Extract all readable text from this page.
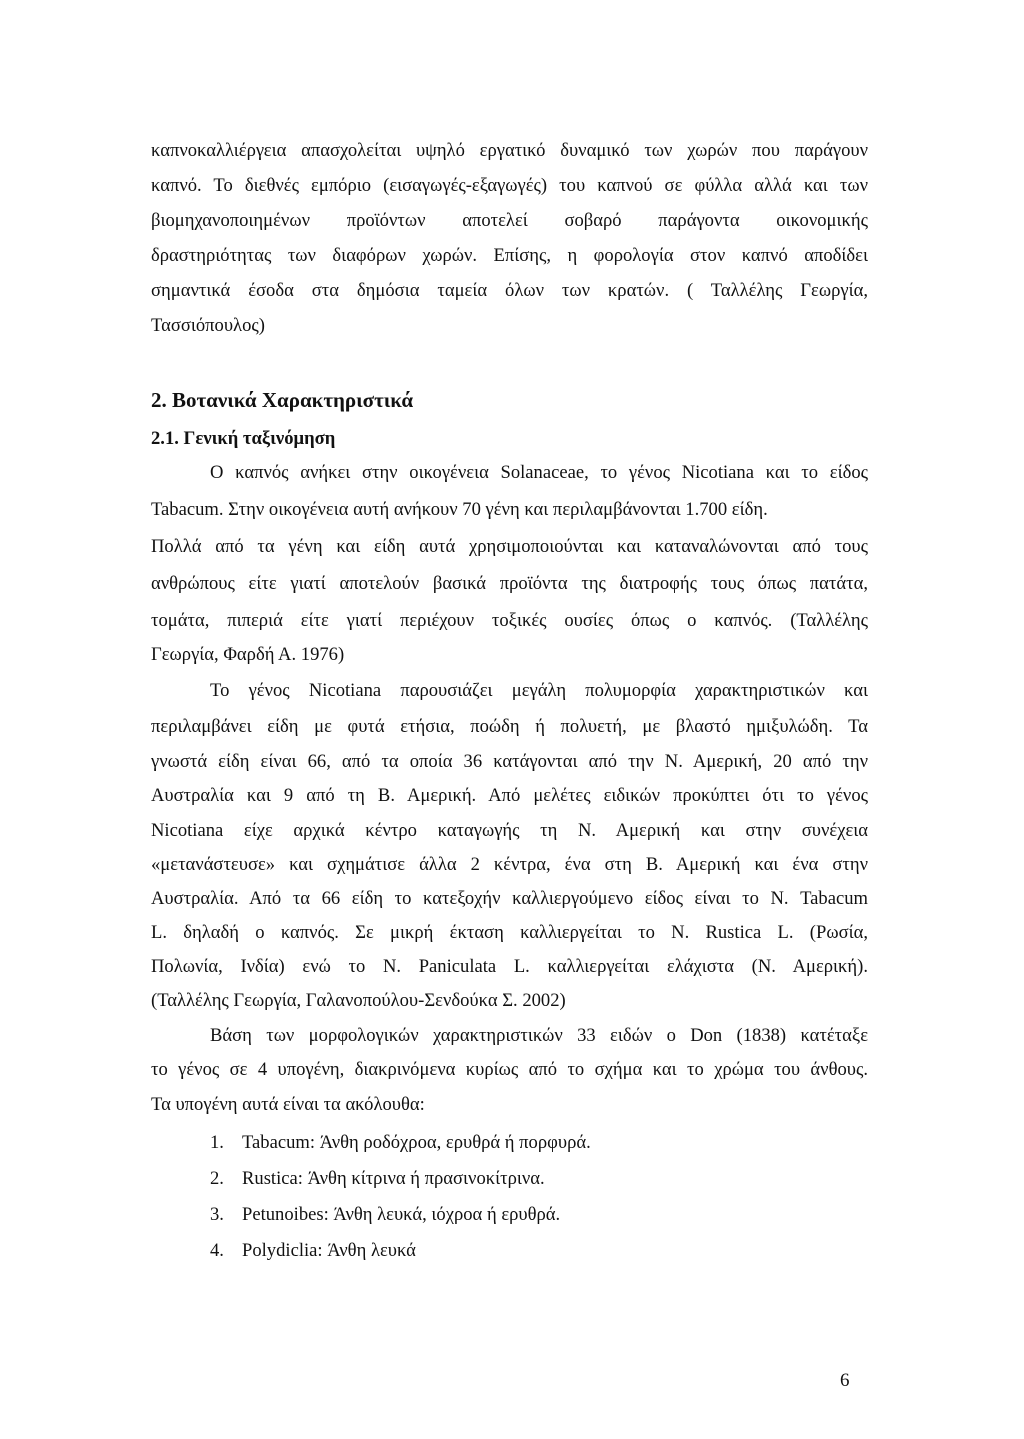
καπνοκαλλιέργεια απασχολείται υψηλό εργατικό δυναμικό των χωρών που παράγουν
καπνό. Το διεθνές εμπόριο (εισαγωγές-εξαγωγές) του καπνού σε φύλλα αλλά και των
βιομηχανοποιημένων προϊόντων αποτελεί σοβαρό παράγοντα οικονομικής
δραστηριότητας των διαφόρων χωρών. Επίσης, η φορολογία στον καπνό αποδίδει
σημαντικά έσοδα στα δημόσια ταμεία όλων των κρατών. ( Ταλλέλης Γεωργία,
Τασσιόπουλος)
2. Βοτανικά Χαρακτηριστικά
2.1. Γενική ταξινόμηση
Ο καπνός ανήκει στην οικογένεια Solanaceae, το γένος Nicotiana και το είδος
Tabacum. Στην οικογένεια αυτή ανήκουν 70 γένη και περιλαμβάνονται 1.700 είδη.
Πολλά από τα γένη και είδη αυτά χρησιμοποιούνται και καταναλώνονται από τους
ανθρώπους είτε γιατί αποτελούν βασικά προϊόντα της διατροφής τους όπως πατάτα,
τομάτα, πιπεριά είτε γιατί περιέχουν τοξικές ουσίες όπως ο καπνός. (Ταλλέλης
Γεωργία, Φαρδή Α. 1976)
Το γένος Nicotiana παρουσιάζει μεγάλη πολυμορφία χαρακτηριστικών και
περιλαμβάνει είδη με φυτά ετήσια, ποώδη ή πολυετή, με βλαστό ημιξυλώδη. Τα
γνωστά είδη είναι 66, από τα οποία 36 κατάγονται από την Ν. Αμερική, 20 από την
Αυστραλία και 9 από τη Β. Αμερική. Από μελέτες ειδικών προκύπτει ότι το γένος
Nicotiana είχε αρχικά κέντρο καταγωγής τη Ν. Αμερική και στην συνέχεια
«μετανάστευσε» και σχημάτισε άλλα 2 κέντρα, ένα στη Β. Αμερική και ένα στην
Αυστραλία. Από τα 66 είδη το κατεξοχήν καλλιεργούμενο είδος είναι το Ν. Tabacum
L. δηλαδή ο καπνός. Σε μικρή έκταση καλλιεργείται το Ν. Rustica L. (Ρωσία,
Πολωνία, Ινδία) ενώ το Ν. Paniculata L. καλλιεργείται ελάχιστα (Ν. Αμερική).
(Ταλλέλης Γεωργία, Γαλανοπούλου-Σενδούκα Σ. 2002)
Βάση των μορφολογικών χαρακτηριστικών 33 ειδών ο Don (1838) κατέταξε
το γένος σε 4 υπογένη, διακρινόμενα κυρίως από το σχήμα και το χρώμα του άνθους.
Τα υπογένη αυτά είναι τα ακόλουθα:
1. Tabacum: Άνθη ροδόχροα, ερυθρά ή πορφυρά.
2. Rustica: Άνθη κίτρινα ή πρασινοκίτρινα.
3. Petunoibes: Άνθη λευκά, ιόχροα ή ερυθρά.
4. Polydiclia: Άνθη λευκά
6
